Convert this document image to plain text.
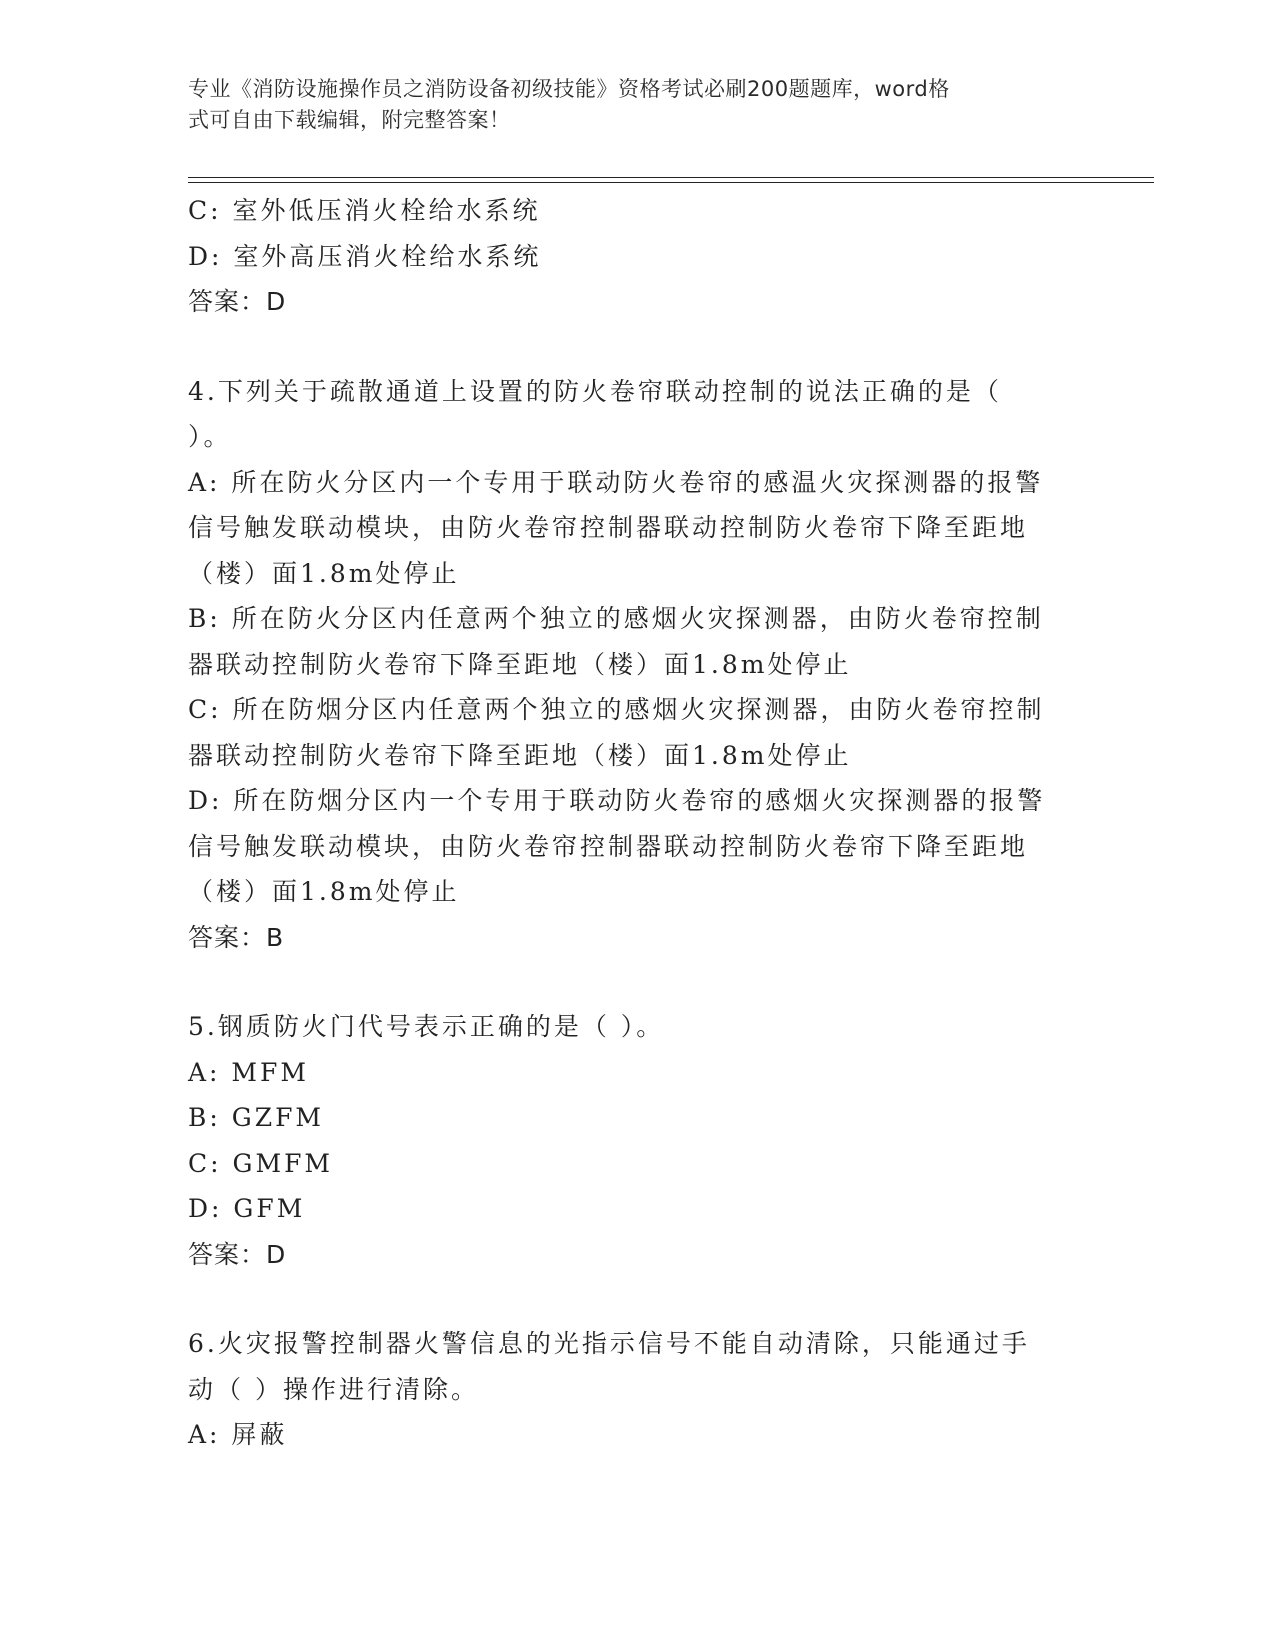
专业《消防设施操作员之消防设备初级技能》资格考试必刷200题题库，word格
式可自由下载编辑，附完整答案！
C: 室外低压消火栓给水系统
D: 室外高压消火栓给水系统
答案：D
4.下列关于疏散通道上设置的防火卷帘联动控制的说法正确的是（
）。
A: 所在防火分区内一个专用于联动防火卷帘的感温火灾探测器的报警
信号触发联动模块，由防火卷帘控制器联动控制防火卷帘下降至距地
（楼）面1.8m处停止
B: 所在防火分区内任意两个独立的感烟火灾探测器，由防火卷帘控制
器联动控制防火卷帘下降至距地（楼）面1.8m处停止
C: 所在防烟分区内任意两个独立的感烟火灾探测器，由防火卷帘控制
器联动控制防火卷帘下降至距地（楼）面1.8m处停止
D: 所在防烟分区内一个专用于联动防火卷帘的感烟火灾探测器的报警
信号触发联动模块，由防火卷帘控制器联动控制防火卷帘下降至距地
（楼）面1.8m处停止
答案：B
5.钢质防火门代号表示正确的是（ ）。
A: MFM
B: GZFM
C: GMFM
D: GFM
答案：D
6.火灾报警控制器火警信息的光指示信号不能自动清除，只能通过手
动（ ）操作进行清除。
A: 屏蔽
